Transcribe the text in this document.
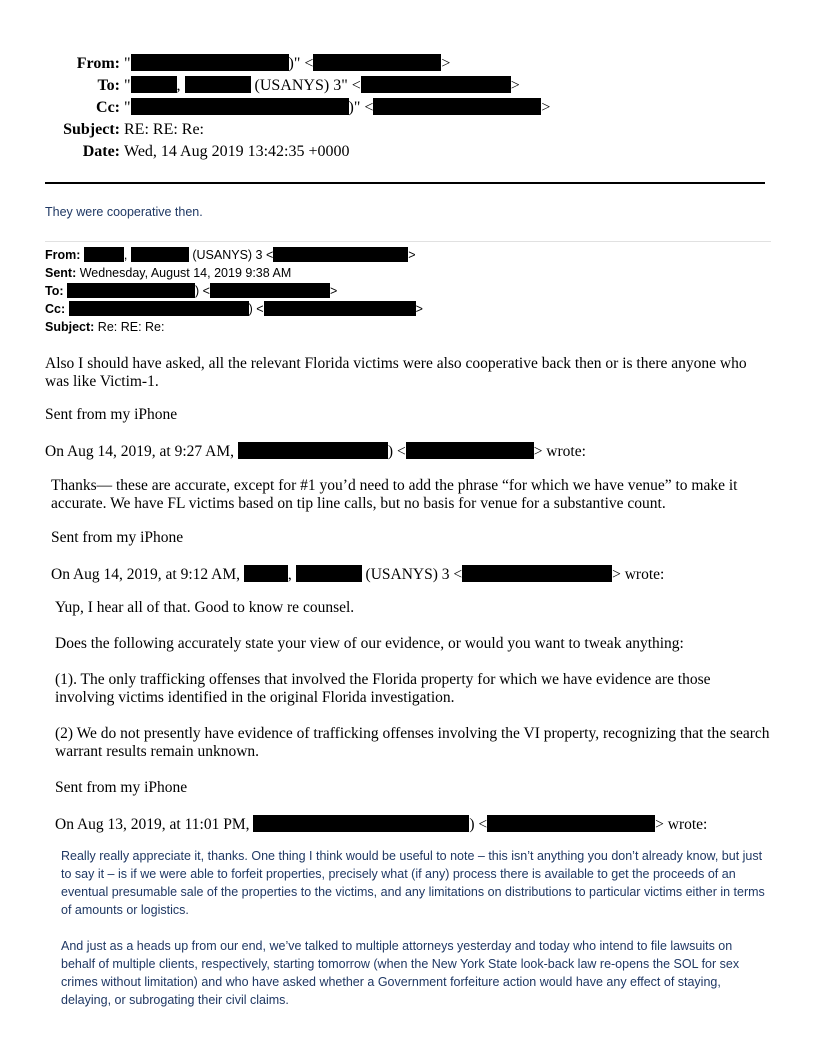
From: "	)" <	>
To: "	,	(USANYS) 3" <	>
Cc: "	)" <	>
Subject: RE: RE: Re:
Date: Wed, 14 Aug 2019 13:42:35 +0000
They were cooperative then.
From:	,	(USANYS) 3 <	>
Sent: Wednesday, August 14, 2019 9:38 AM
To:	) <	>
Cc:	) <	>
Subject: Re: RE: Re:
Also I should have asked, all the relevant Florida victims were also cooperative back then or is there anyone who was like Victim-1.
Sent from my iPhone
On Aug 14, 2019, at 9:27 AM,	) <	> wrote:
Thanks— these are accurate, except for #1 you’d need to add the phrase “for which we have venue” to make it accurate. We have FL victims based on tip line calls, but no basis for venue for a substantive count.
Sent from my iPhone
On Aug 14, 2019, at 9:12 AM,	,	(USANYS) 3 <	> wrote:
Yup, I hear all of that. Good to know re counsel.
Does the following accurately state your view of our evidence, or would you want to tweak anything:
(1). The only trafficking offenses that involved the Florida property for which we have evidence are those involving victims identified in the original Florida investigation.
(2) We do not presently have evidence of trafficking offenses involving the VI property, recognizing that the search warrant results remain unknown.
Sent from my iPhone
On Aug 13, 2019, at 11:01 PM,	) <	> wrote:
Really really appreciate it, thanks. One thing I think would be useful to note – this isn’t anything you don’t already know, but just to say it – is if we were able to forfeit properties, precisely what (if any) process there is available to get the proceeds of an eventual presumable sale of the properties to the victims, and any limitations on distributions to particular victims either in terms of amounts or logistics.
And just as a heads up from our end, we’ve talked to multiple attorneys yesterday and today who intend to file lawsuits on behalf of multiple clients, respectively, starting tomorrow (when the New York State look-back law re-opens the SOL for sex crimes without limitation) and who have asked whether a Government forfeiture action would have any effect of staying, delaying, or subrogating their civil claims.
